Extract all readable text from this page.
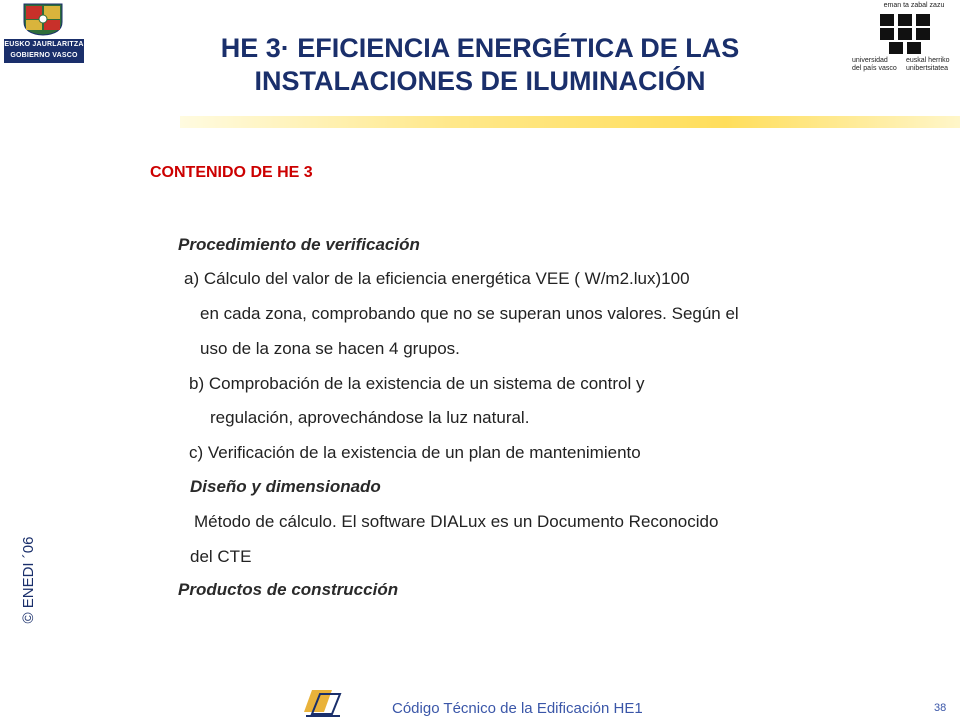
EUSKO JAURLARITZA
GOBIERNO VASCO
eman ta zabal zazu
universidad
del país vasco
euskal herriko
unibertsitatea
HE 3· EFICIENCIA ENERGÉTICA DE LAS
INSTALACIONES DE ILUMINACIÓN
CONTENIDO DE HE 3
Procedimiento de verificación
a) Cálculo del valor de la eficiencia energética VEE ( W/m2.lux)100
en cada zona, comprobando que no se superan unos valores. Según el
uso de la zona se hacen 4 grupos.
b) Comprobación de la existencia de un sistema de control y
regulación, aprovechándose la luz natural.
c) Verificación de la existencia de un plan de mantenimiento
Diseño y dimensionado
Método de cálculo. El software DIALux es un Documento Reconocido
del CTE
Productos de construcción
© ENEDI ´06
Código Técnico de la Edificación HE1	38
